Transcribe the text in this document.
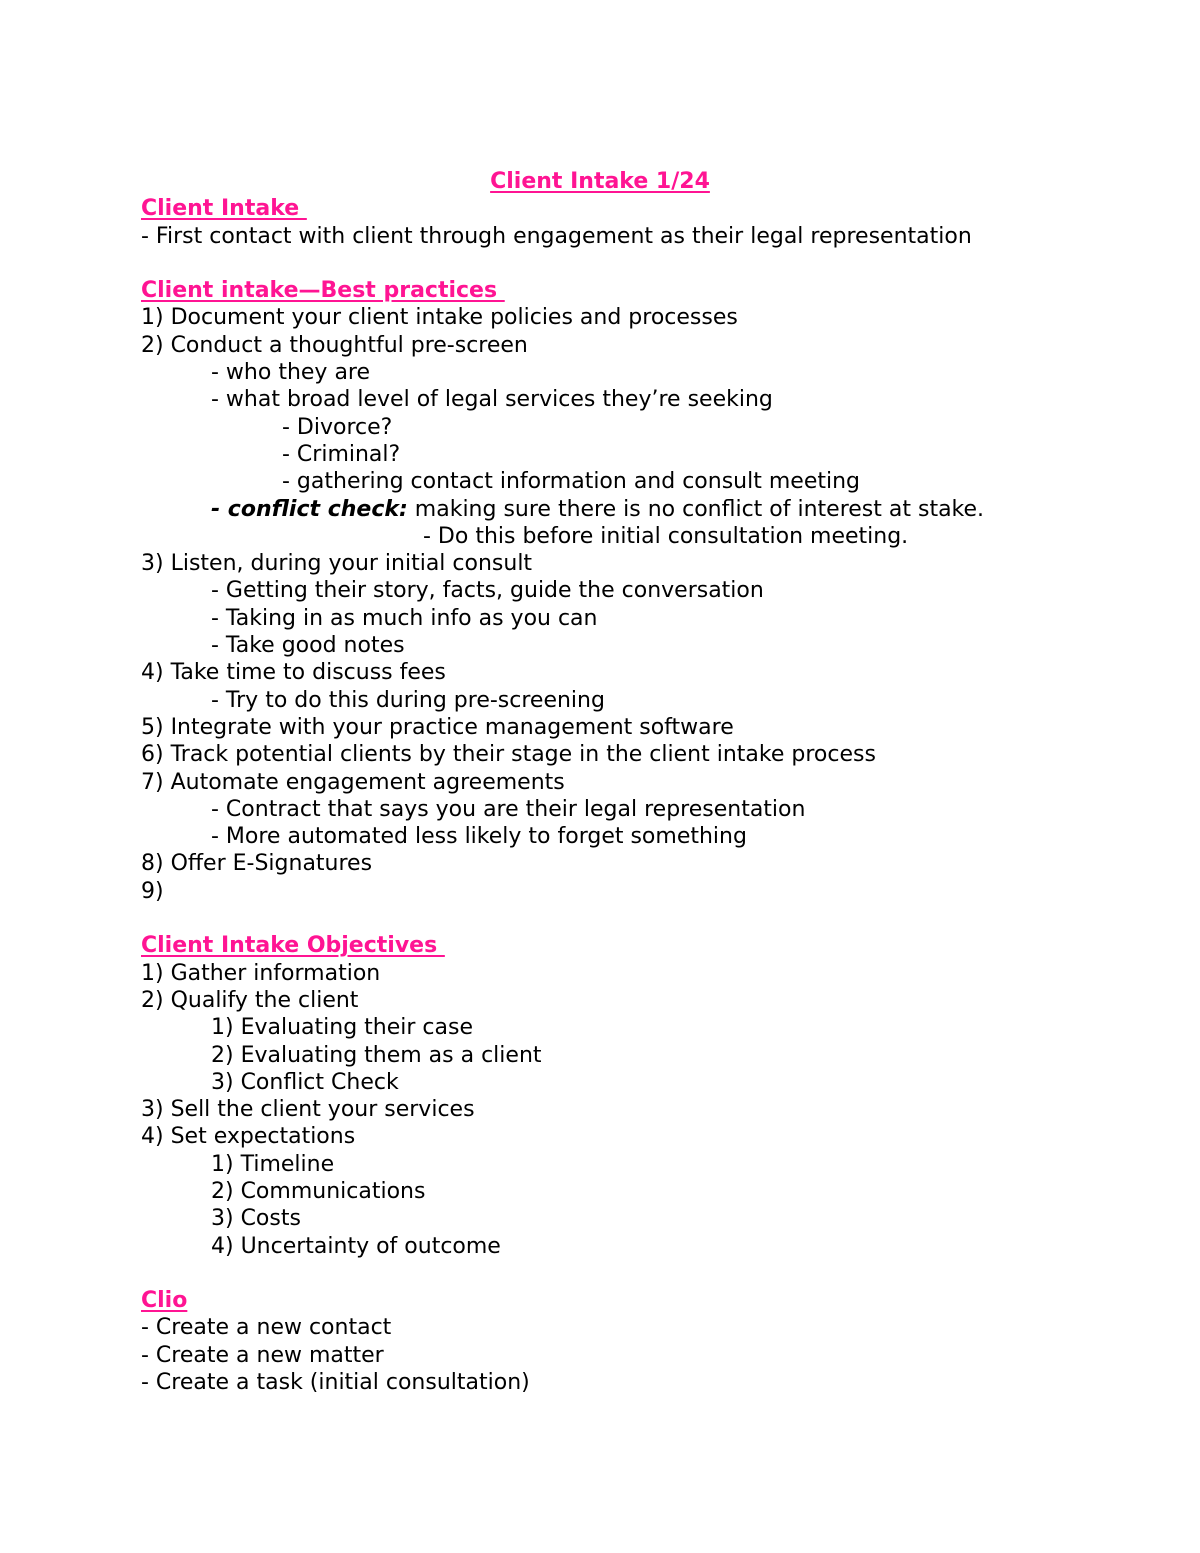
Client Intake 1/24
Client Intake
- First contact with client through engagement as their legal representation
Client intake—Best practices
1) Document your client intake policies and processes
2) Conduct a thoughtful pre-screen
- who they are
- what broad level of legal services they’re seeking
- Divorce?
- Criminal?
- gathering contact information and consult meeting
- conflict check: making sure there is no conflict of interest at stake.
- Do this before initial consultation meeting.
3) Listen, during your initial consult
- Getting their story, facts, guide the conversation
- Taking in as much info as you can
- Take good notes
4) Take time to discuss fees
- Try to do this during pre-screening
5) Integrate with your practice management software
6) Track potential clients by their stage in the client intake process
7) Automate engagement agreements
- Contract that says you are their legal representation
- More automated less likely to forget something
8) Offer E-Signatures
9)
Client Intake Objectives
1) Gather information
2) Qualify the client
1) Evaluating their case
2) Evaluating them as a client
3) Conflict Check
3) Sell the client your services
4) Set expectations
1) Timeline
2) Communications
3) Costs
4) Uncertainty of outcome
Clio
- Create a new contact
- Create a new matter
- Create a task (initial consultation)
